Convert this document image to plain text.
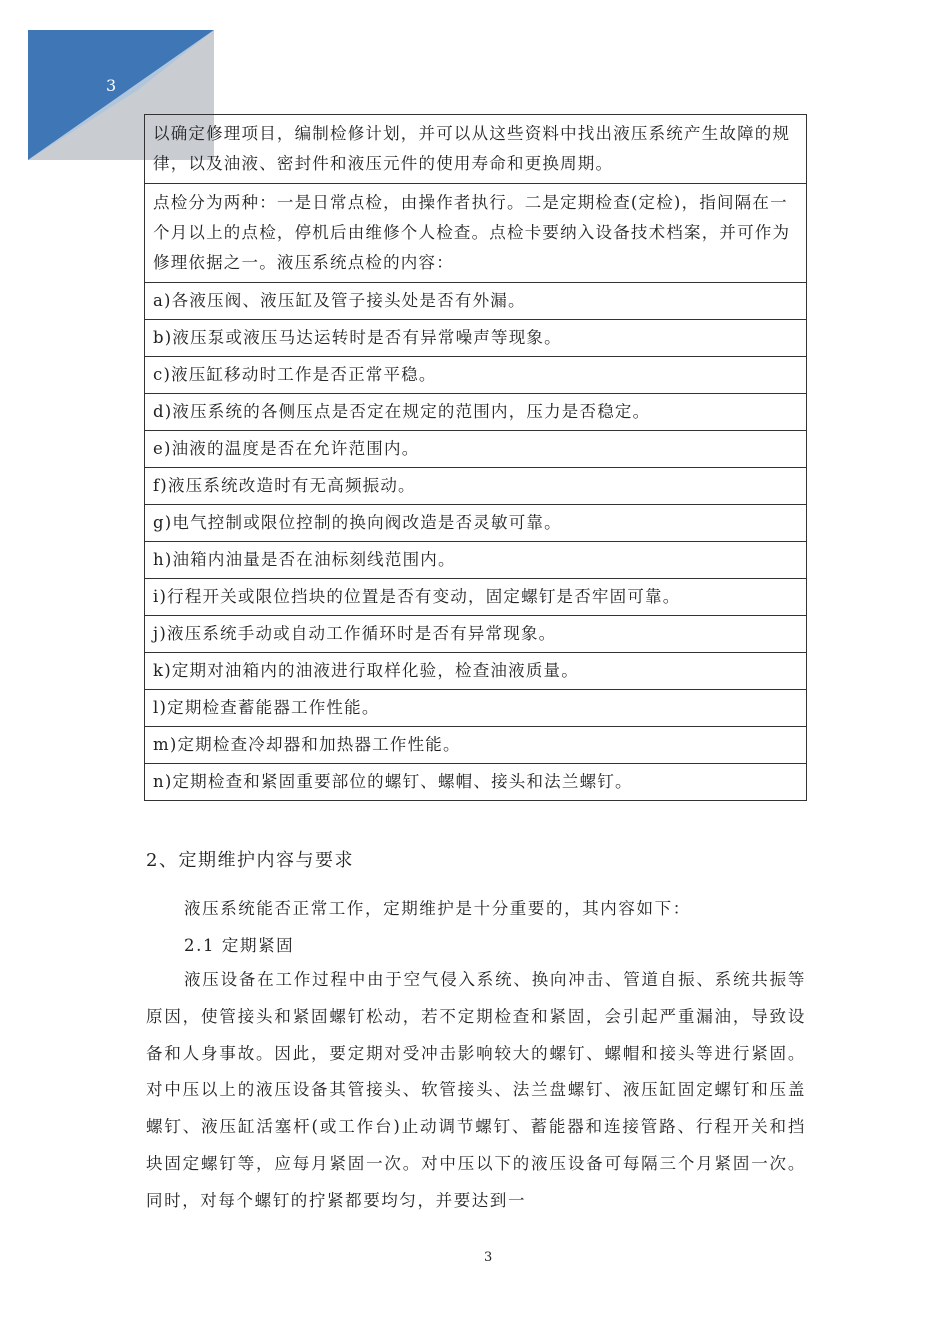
3
以确定修理项目，编制检修计划，并可以从这些资料中找出液压系统产生故障的规律，以及油液、密封件和液压元件的使用寿命和更换周期。
点检分为两种：一是日常点检，由操作者执行。二是定期检查(定检)，指间隔在一个月以上的点检，停机后由维修个人检查。点检卡要纳入设备技术档案，并可作为修理依据之一。液压系统点检的内容：
a)各液压阀、液压缸及管子接头处是否有外漏。
b)液压泵或液压马达运转时是否有异常噪声等现象。
c)液压缸移动时工作是否正常平稳。
d)液压系统的各侧压点是否定在规定的范围内，压力是否稳定。
e)油液的温度是否在允许范围内。
f)液压系统改造时有无高频振动。
g)电气控制或限位控制的换向阀改造是否灵敏可靠。
h)油箱内油量是否在油标刻线范围内。
i)行程开关或限位挡块的位置是否有变动，固定螺钉是否牢固可靠。
j)液压系统手动或自动工作循环时是否有异常现象。
k)定期对油箱内的油液进行取样化验，检查油液质量。
l)定期检查蓄能器工作性能。
m)定期检查冷却器和加热器工作性能。
n)定期检查和紧固重要部位的螺钉、螺帽、接头和法兰螺钉。
2、定期维护内容与要求
液压系统能否正常工作，定期维护是十分重要的，其内容如下：
2.1 定期紧固
液压设备在工作过程中由于空气侵入系统、换向冲击、管道自振、系统共振等原因，使管接头和紧固螺钉松动，若不定期检查和紧固，会引起严重漏油，导致设备和人身事故。因此，要定期对受冲击影响较大的螺钉、螺帽和接头等进行紧固。对中压以上的液压设备其管接头、软管接头、法兰盘螺钉、液压缸固定螺钉和压盖螺钉、液压缸活塞杆(或工作台)止动调节螺钉、蓄能器和连接管路、行程开关和挡块固定螺钉等，应每月紧固一次。对中压以下的液压设备可每隔三个月紧固一次。同时，对每个螺钉的拧紧都要均匀，并要达到一
3
